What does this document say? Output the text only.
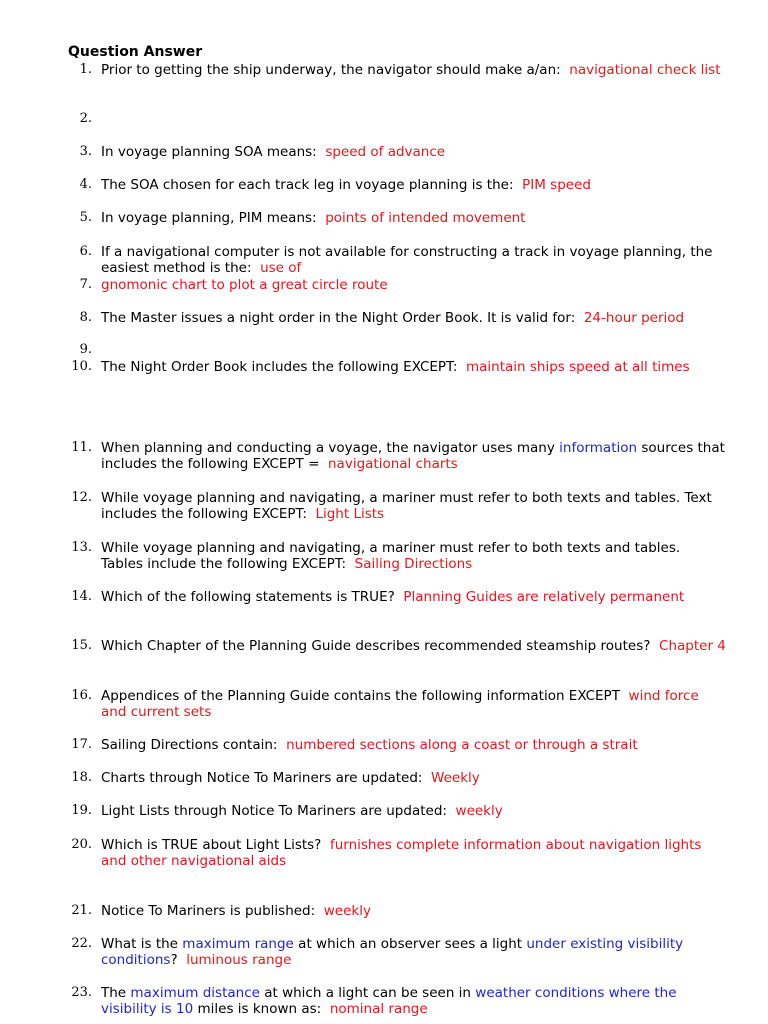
Question Answer
1. Prior to getting the ship underway, the navigator should make a/an: navigational check list
2.
3. In voyage planning SOA means: speed of advance
4. The SOA chosen for each track leg in voyage planning is the: PIM speed
5. In voyage planning, PIM means: points of intended movement
6. If a navigational computer is not available for constructing a track in voyage planning, the easiest method is the: use of
7. gnomonic chart to plot a great circle route
8. The Master issues a night order in the Night Order Book. It is valid for: 24-hour period
9.
10. The Night Order Book includes the following EXCEPT: maintain ships speed at all times
11. When planning and conducting a voyage, the navigator uses many information sources that includes the following EXCEPT = navigational charts
12. While voyage planning and navigating, a mariner must refer to both texts and tables. Text includes the following EXCEPT: Light Lists
13. While voyage planning and navigating, a mariner must refer to both texts and tables. Tables include the following EXCEPT: Sailing Directions
14. Which of the following statements is TRUE? Planning Guides are relatively permanent
15. Which Chapter of the Planning Guide describes recommended steamship routes? Chapter 4
16. Appendices of the Planning Guide contains the following information EXCEPT wind force and current sets
17. Sailing Directions contain: numbered sections along a coast or through a strait
18. Charts through Notice To Mariners are updated: Weekly
19. Light Lists through Notice To Mariners are updated: weekly
20. Which is TRUE about Light Lists? furnishes complete information about navigation lights and other navigational aids
21. Notice To Mariners is published: weekly
22. What is the maximum range at which an observer sees a light under existing visibility conditions? luminous range
23. The maximum distance at which a light can be seen in weather conditions where the visibility is 10 miles is known as: nominal range
